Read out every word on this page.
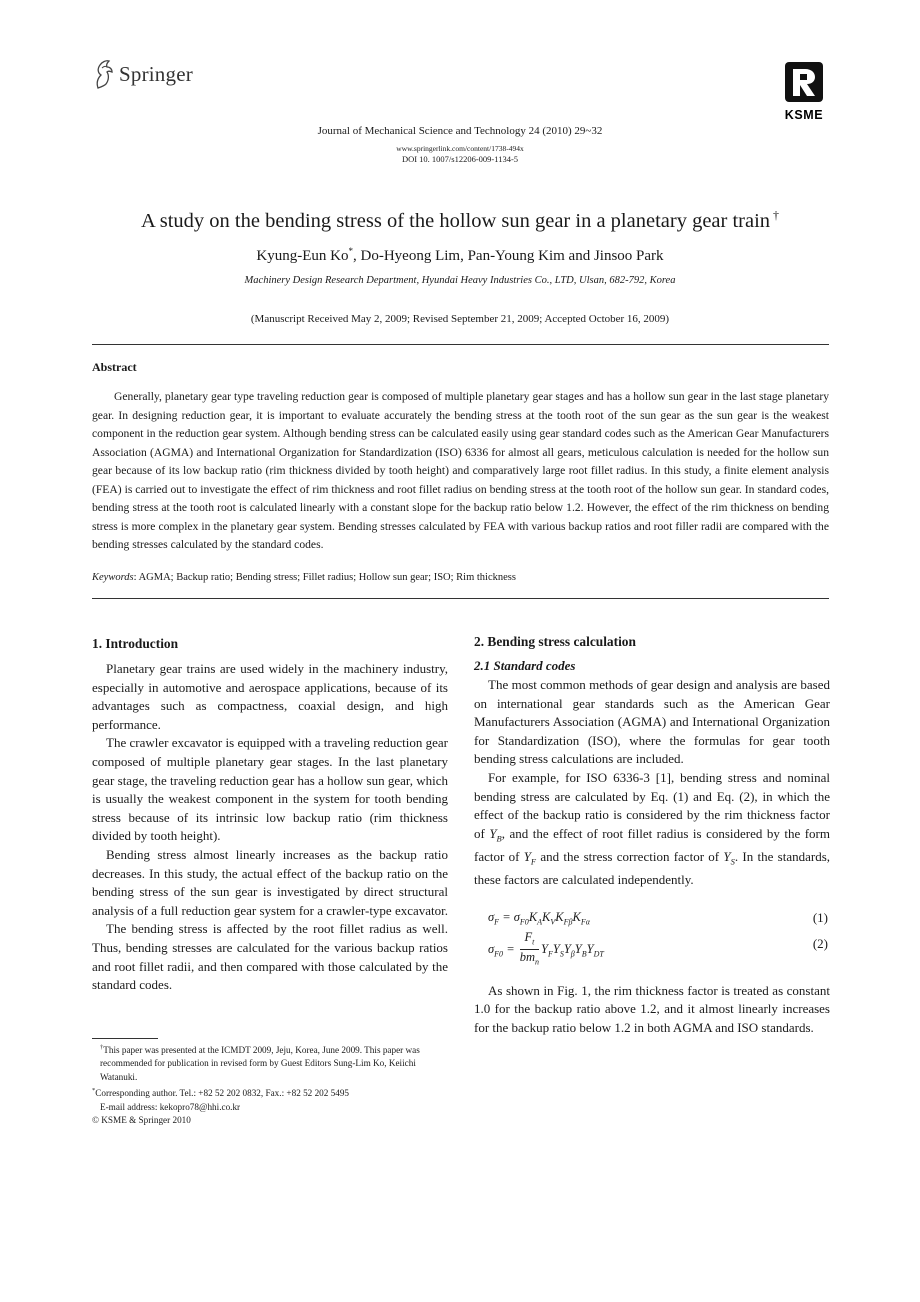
Springer
KSME
Journal of Mechanical Science and Technology 24 (2010) 29~32
www.springerlink.com/content/1738-494x
DOI 10. 1007/s12206-009-1134-5
A study on the bending stress of the hollow sun gear in a planetary gear train †
Kyung-Eun Ko*, Do-Hyeong Lim, Pan-Young Kim and Jinsoo Park
Machinery Design Research Department, Hyundai Heavy Industries Co., LTD, Ulsan, 682-792, Korea
(Manuscript Received May 2, 2009; Revised September 21, 2009; Accepted October 16, 2009)
Abstract

Generally, planetary gear type traveling reduction gear is composed of multiple planetary gear stages and has a hollow sun gear in the last stage planetary gear. In designing reduction gear, it is important to evaluate accurately the bending stress at the tooth root of the sun gear as the sun gear is the weakest component in the reduction gear system. Although bending stress can be calculated easily using gear standard codes such as the American Gear Manufacturers Association (AGMA) and International Organization for Standardization (ISO) 6336 for almost all gears, meticulous calculation is needed for the hollow sun gear because of its low backup ratio (rim thickness divided by tooth height) and comparatively large root fillet radius. In this study, a finite element analysis (FEA) is carried out to investigate the effect of rim thickness and root fillet radius on bending stress at the tooth root of the hollow sun gear. In standard codes, bending stress at the tooth root is calculated linearly with a constant slope for the backup ratio below 1.2. However, the effect of the rim thickness on bending stress is more complex in the planetary gear system. Bending stresses calculated by FEA with various backup ratios and root filler radii are compared with the bending stresses calculated by the standard codes.

Keywords: AGMA; Backup ratio; Bending stress; Fillet radius; Hollow sun gear; ISO; Rim thickness
1. Introduction

Planetary gear trains are used widely in the machinery industry, especially in automotive and aerospace applications, because of its advantages such as compactness, coaxial design, and high performance.

The crawler excavator is equipped with a traveling reduction gear composed of multiple planetary gear stages. In the last planetary gear stage, the traveling reduction gear has a hollow sun gear, which is usually the weakest component in the system for tooth bending stress because of its intrinsic low backup ratio (rim thickness divided by tooth height).

Bending stress almost linearly increases as the backup ratio decreases. In this study, the actual effect of the backup ratio on the bending stress of the sun gear is investigated by direct structural analysis of a full reduction gear system for a crawler-type excavator.

The bending stress is affected by the root fillet radius as well. Thus, bending stresses are calculated for the various backup ratios and root fillet radii, and then compared with those calculated by the standard codes.

2. Bending stress calculation
2.1 Standard codes

The most common methods of gear design and analysis are based on international gear standards such as the American Gear Manufacturers Association (AGMA) and International Organization for Standardization (ISO), where the formulas for gear tooth bending stress calculations are included.

For example, for ISO 6336-3 [1], bending stress and nominal bending stress are calculated by Eq. (1) and Eq. (2), in which the effect of the backup ratio is considered by the rim thickness factor of $Y_B$, and the effect of root fillet radius is considered by the form factor of $Y_F$ and the stress correction factor of $Y_S$. In the standards, these factors are calculated independently.

$\sigma_F = \sigma_{F0}K_AK_VK_{F\beta}K_{F\alpha}$	(1)
$\sigma_{F0} = \frac{F_t}{bm_n} Y_FY_SY_\beta Y_BY_{DT}$
(2)

As shown in Fig. 1, the rim thickness factor is treated as constant 1.0 for the backup ratio above 1.2, and it almost linearly increases for the backup ratio below 1.2 in both AGMA and ISO standards.

†This paper was presented at the ICMDT 2009, Jeju, Korea, June 2009. This paper was recommended for publication in revised form by Guest Editors Sung-Lim Ko, Keiichi Watanuki.

*Corresponding author. Tel.: +82 52 202 0832, Fax.: +82 52 202 5495

E-mail address: kekopro78@hhi.co.kr

© KSME & Springer 2010
